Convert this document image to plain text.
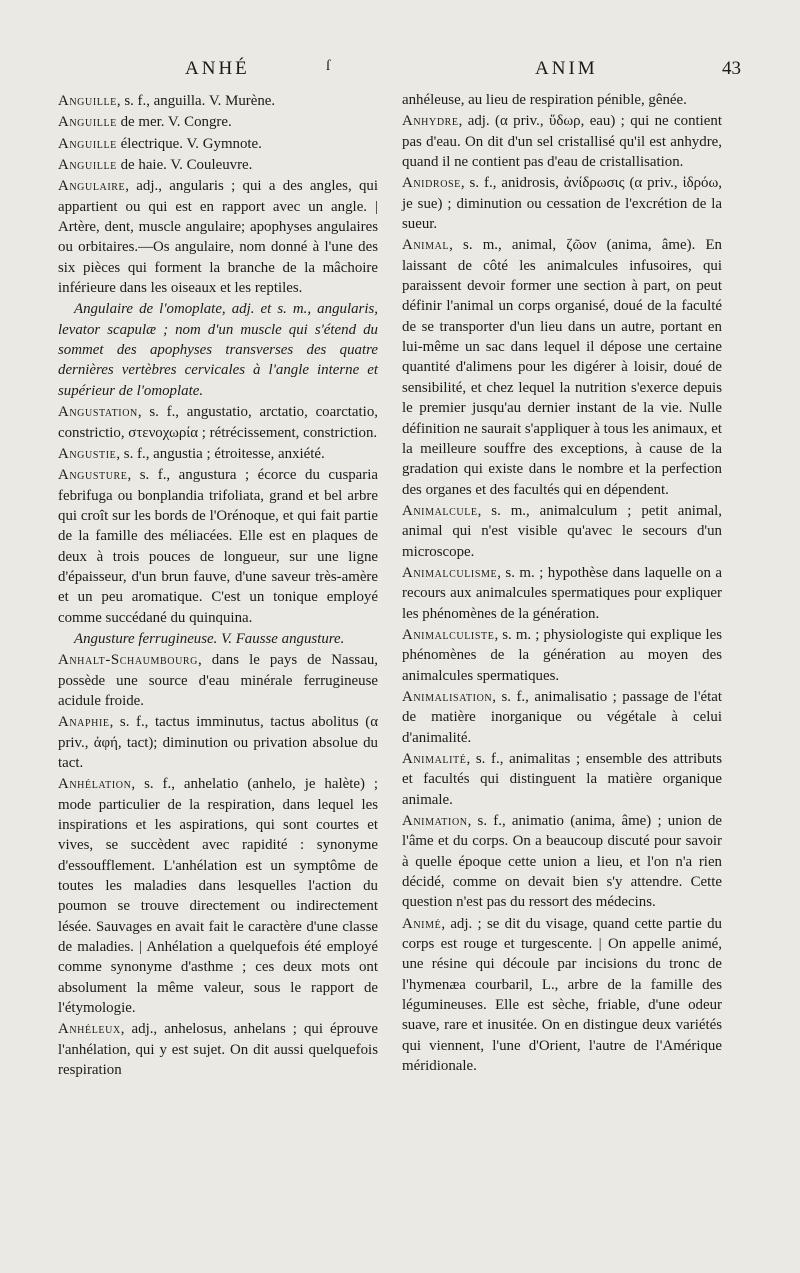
ANHÉ	ſ	ANIM	43

Anguille, s. f., anguilla. V. Murène.

Anguille de mer. V. Congre.

Anguille électrique. V. Gymnote.

Anguille de haie. V. Couleuvre.

Angulaire, adj., angularis ; qui a des angles, qui appartient ou qui est en rapport avec un angle. | Artère, dent, muscle angulaire; apophyses angulaires ou orbitaires.—Os angulaire, nom donné à l'une des six pièces qui forment la branche de la mâchoire inférieure dans les oiseaux et les reptiles.

Angulaire de l'omoplate, adj. et s. m., angularis, levator scapulæ ; nom d'un muscle qui s'étend du sommet des apophyses transverses des quatre dernières vertèbres cervicales à l'angle interne et supérieur de l'omoplate.

Angustation, s. f., angustatio, arctatio, coarctatio, constrictio, στενοχωρία ; rétrécissement, constriction.

Angustie, s. f., angustia ; étroitesse, anxiété.

Angusture, s. f., angustura ; écorce du cusparia febrifuga ou bonplandia trifoliata, grand et bel arbre qui croît sur les bords de l'Orénoque, et qui fait partie de la famille des méliacées. Elle est en plaques de deux à trois pouces de longueur, sur une ligne d'épaisseur, d'un brun fauve, d'une saveur très-amère et un peu aromatique. C'est un tonique employé comme succédané du quinquina.

Angusture ferrugineuse. V. Fausse angusture.

Anhalt-Schaumbourg, dans le pays de Nassau, possède une source d'eau minérale ferrugineuse acidule froide.

Anaphie, s. f., tactus imminutus, tactus abolitus (α priv., ἀφή, tact); diminution ou privation absolue du tact.

Anhélation, s. f., anhelatio (anhelo, je halète) ; mode particulier de la respiration, dans lequel les inspirations et les aspirations, qui sont courtes et vives, se succèdent avec rapidité : synonyme d'essoufflement. L'anhélation est un symptôme de toutes les maladies dans lesquelles l'action du poumon se trouve directement ou indirectement lésée. Sauvages en avait fait le caractère d'une classe de maladies. | Anhélation a quelquefois été employé comme synonyme d'asthme ; ces deux mots ont absolument la même valeur, sous le rapport de l'étymologie.

Anhéleux, adj., anhelosus, anhelans ; qui éprouve l'anhélation, qui y est sujet. On dit aussi quelquefois respiration

anhéleuse, au lieu de respiration pénible, gênée.

Anhydre, adj. (α priv., ὕδωρ, eau) ; qui ne contient pas d'eau. On dit d'un sel cristallisé qu'il est anhydre, quand il ne contient pas d'eau de cristallisation.

Anidrose, s. f., anidrosis, ἀνίδρωσις (α priv., ἱδρόω, je sue) ; diminution ou cessation de l'excrétion de la sueur.

Animal, s. m., animal, ζῶον (anima, âme). En laissant de côté les animalcules infusoires, qui paraissent devoir former une section à part, on peut définir l'animal un corps organisé, doué de la faculté de se transporter d'un lieu dans un autre, portant en lui-même un sac dans lequel il dépose une certaine quantité d'alimens pour les digérer à loisir, doué de sensibilité, et chez lequel la nutrition s'exerce depuis le premier jusqu'au dernier instant de la vie. Nulle définition ne saurait s'appliquer à tous les animaux, et la meilleure souffre des exceptions, à cause de la gradation qui existe dans le nombre et la perfection des organes et des facultés qui en dépendent.

Animalcule, s. m., animalculum ; petit animal, animal qui n'est visible qu'avec le secours d'un microscope.

Animalculisme, s. m. ; hypothèse dans laquelle on a recours aux animalcules spermatiques pour expliquer les phénomènes de la génération.

Animalculiste, s. m. ; physiologiste qui explique les phénomènes de la génération au moyen des animalcules spermatiques.

Animalisation, s. f., animalisatio ; passage de l'état de matière inorganique ou végétale à celui d'animalité.

Animalité, s. f., animalitas ; ensemble des attributs et facultés qui distinguent la matière organique animale.

Animation, s. f., animatio (anima, âme) ; union de l'âme et du corps. On a beaucoup discuté pour savoir à quelle époque cette union a lieu, et l'on n'a rien décidé, comme on devait bien s'y attendre. Cette question n'est pas du ressort des médecins.

Animé, adj. ; se dit du visage, quand cette partie du corps est rouge et turgescente. | On appelle animé, une résine qui découle par incisions du tronc de l'hymenæa courbaril, L., arbre de la famille des légumineuses. Elle est sèche, friable, d'une odeur suave, rare et inusitée. On en distingue deux variétés qui viennent, l'une d'Orient, l'autre de l'Amérique méridionale.
